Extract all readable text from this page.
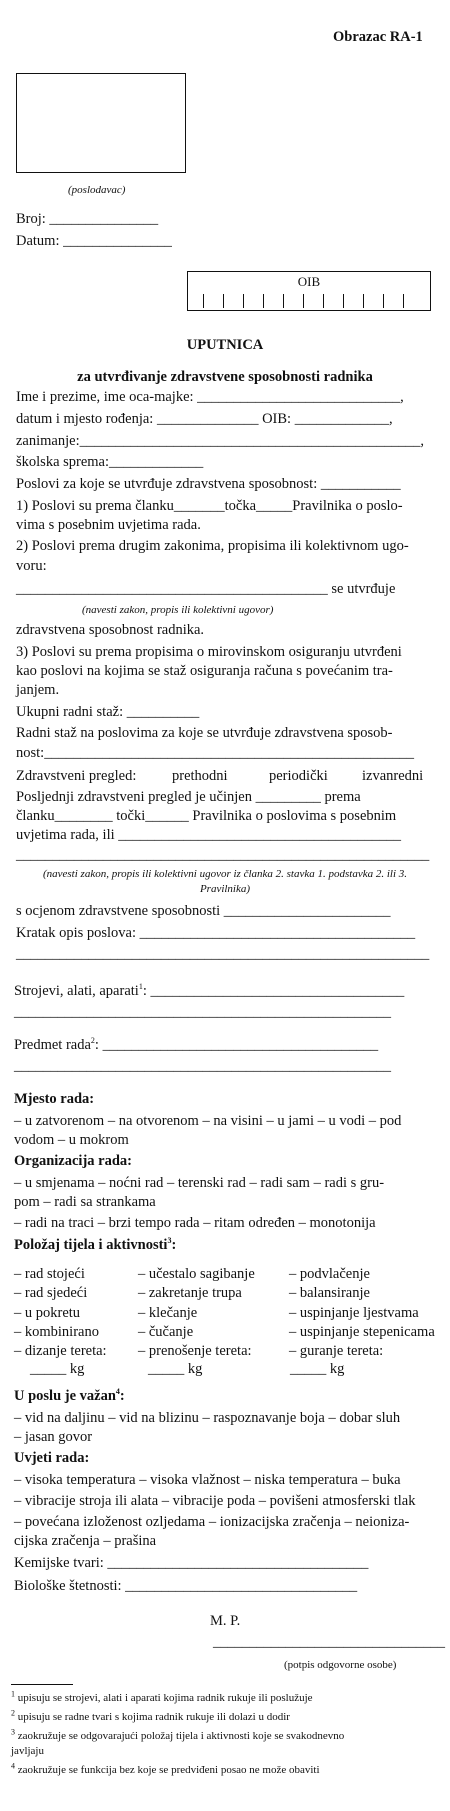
Obrazac RA-1
(poslodavac)
Broj: _______________
Datum: _______________
OIB
UPUTNICA
za utvrđivanje zdravstvene sposobnosti radnika
Ime i prezime, ime oca-majke: ____________________________,
datum i mjesto rođenja: ______________ OIB: _____________,
zanimanje:_______________________________________________,
školska sprema:_____________
Poslovi za koje se utvrđuje zdravstvena sposobnost: ___________
1) Poslovi su prema članku_______točka_____Pravilnika o poslo-
vima s posebnim uvjetima rada.
2) Poslovi prema drugim zakonima, propisima ili kolektivnom ugo-
voru:
___________________________________________ se utvrđuje
(navesti zakon, propis ili kolektivni ugovor)
zdravstvena sposobnost radnika.
3) Poslovi su prema propisima o mirovinskom osiguranju utvrđeni
kao poslovi na kojima se staž osiguranja računa s povećanim tra-
janjem.
Ukupni radni staž: __________
Radni staž na poslovima za koje se utvrđuje zdravstvena sposob-
nost:___________________________________________________
Zdravstveni pregled: prethodni	periodički izvanredni
Posljednji zdravstveni pregled je učinjen _________ prema
članku________ točki______ Pravilnika o poslovima s posebnim
uvjetima rada, ili _______________________________________
_________________________________________________________
(navesti zakon, propis ili kolektivni ugovor iz članka 2. stavka 1. podstavka 2. ili 3.
Pravilnika)
s ocjenom zdravstvene sposobnosti _______________________
Kratak opis poslova: ______________________________________
_________________________________________________________
Strojevi, alati, aparati$^1$: ___________________________________
____________________________________________________
Predmet rada$^2$: ______________________________________
____________________________________________________
Mjesto rada:
– u zatvorenom – na otvorenom – na visini – u jami – u vodi – pod
vodom – u mokrom
Organizacija rada:
– u smjenama – noćni rad – terenski rad – radi sam – radi s gru-
pom – radi sa strankama
– radi na traci – brzi tempo rada – ritam određen – monotonija
Položaj tijela i aktivnosti$^3$:
– rad stojeći
– rad sjedeći
– u pokretu
– kombinirano
– dizanje tereta:
_____ kg
– učestalo sagibanje
– zakretanje trupa
– klečanje
– čučanje
– prenošenje tereta:
_____ kg
– podvlačenje
– balansiranje
– uspinjanje ljestvama
– uspinjanje stepenicama
– guranje tereta:
_____ kg
U poslu je važan$^4$:
– vid na daljinu – vid na blizinu – raspoznavanje boja – dobar sluh
– jasan govor
Uvjeti rada:
– visoka temperatura – visoka vlažnost – niska temperatura – buka
– vibracije stroja ili alata – vibracije poda – povišeni atmosferski tlak
– povećana izloženost ozljedama – ionizacijska zračenja – neioniza-
cijska zračenja – prašina
Kemijske tvari: ____________________________________
Biološke štetnosti: ________________________________
M. P.
________________________________
(potpis odgovorne osobe)
$^1$ upisuju se strojevi, alati i aparati kojima radnik rukuje ili poslužuje
$^2$ upisuju se radne tvari s kojima radnik rukuje ili dolazi u dodir
$^3$ zaokružuje se odgovarajući položaj tijela i aktivnosti koje se svakodnevno
javljaju
$^4$ zaokružuje se funkcija bez koje se predviđeni posao ne može obaviti
